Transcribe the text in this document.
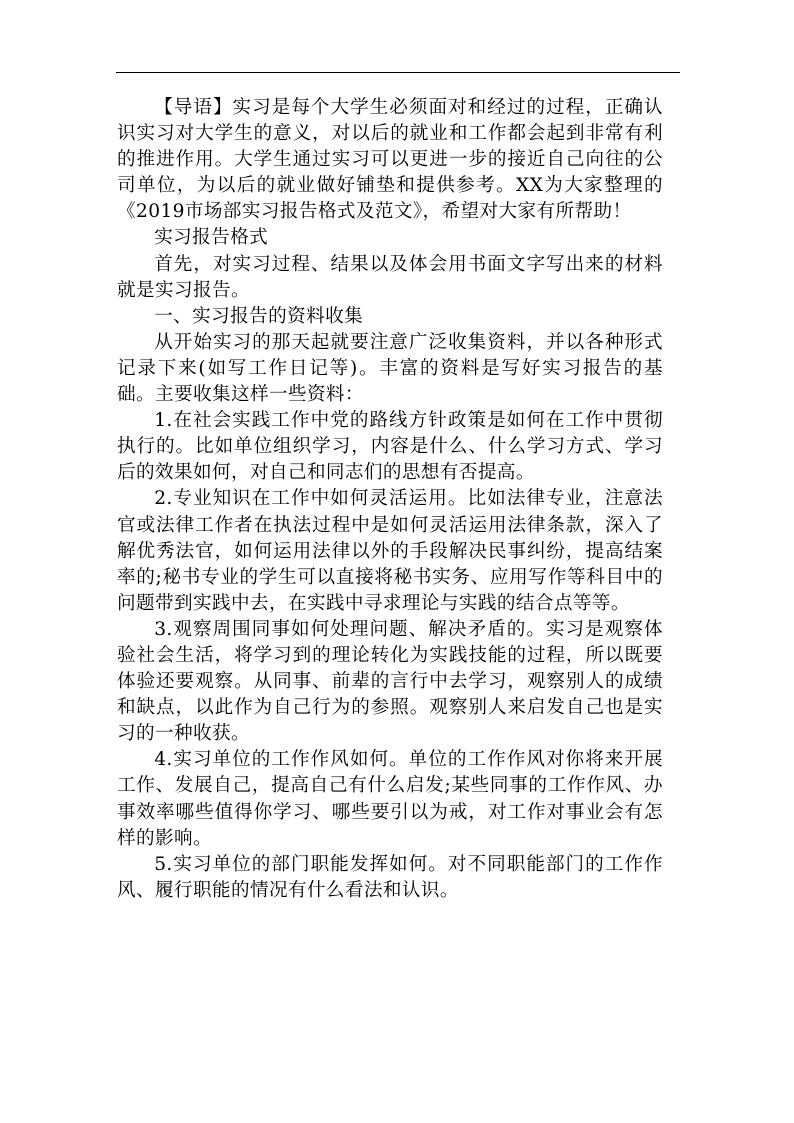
【导语】实习是每个大学生必须面对和经过的过程，正确认识实习对大学生的意义，对以后的就业和工作都会起到非常有利的推进作用。大学生通过实习可以更进一步的接近自己向往的公司单位，为以后的就业做好铺垫和提供参考。XX为大家整理的《2019市场部实习报告格式及范文》，希望对大家有所帮助！

实习报告格式

首先，对实习过程、结果以及体会用书面文字写出来的材料就是实习报告。

一、实习报告的资料收集

从开始实习的那天起就要注意广泛收集资料，并以各种形式记录下来(如写工作日记等)。丰富的资料是写好实习报告的基础。主要收集这样一些资料：

1.在社会实践工作中党的路线方针政策是如何在工作中贯彻执行的。比如单位组织学习，内容是什么、什么学习方式、学习后的效果如何，对自己和同志们的思想有否提高。

2.专业知识在工作中如何灵活运用。比如法律专业，注意法官或法律工作者在执法过程中是如何灵活运用法律条款，深入了解优秀法官，如何运用法律以外的手段解决民事纠纷，提高结案率的;秘书专业的学生可以直接将秘书实务、应用写作等科目中的问题带到实践中去，在实践中寻求理论与实践的结合点等等。

3.观察周围同事如何处理问题、解决矛盾的。实习是观察体验社会生活，将学习到的理论转化为实践技能的过程，所以既要体验还要观察。从同事、前辈的言行中去学习，观察别人的成绩和缺点，以此作为自己行为的参照。观察别人来启发自己也是实习的一种收获。

4.实习单位的工作作风如何。单位的工作作风对你将来开展工作、发展自己，提高自己有什么启发;某些同事的工作作风、办事效率哪些值得你学习、哪些要引以为戒，对工作对事业会有怎样的影响。

5.实习单位的部门职能发挥如何。对不同职能部门的工作作风、履行职能的情况有什么看法和认识。
